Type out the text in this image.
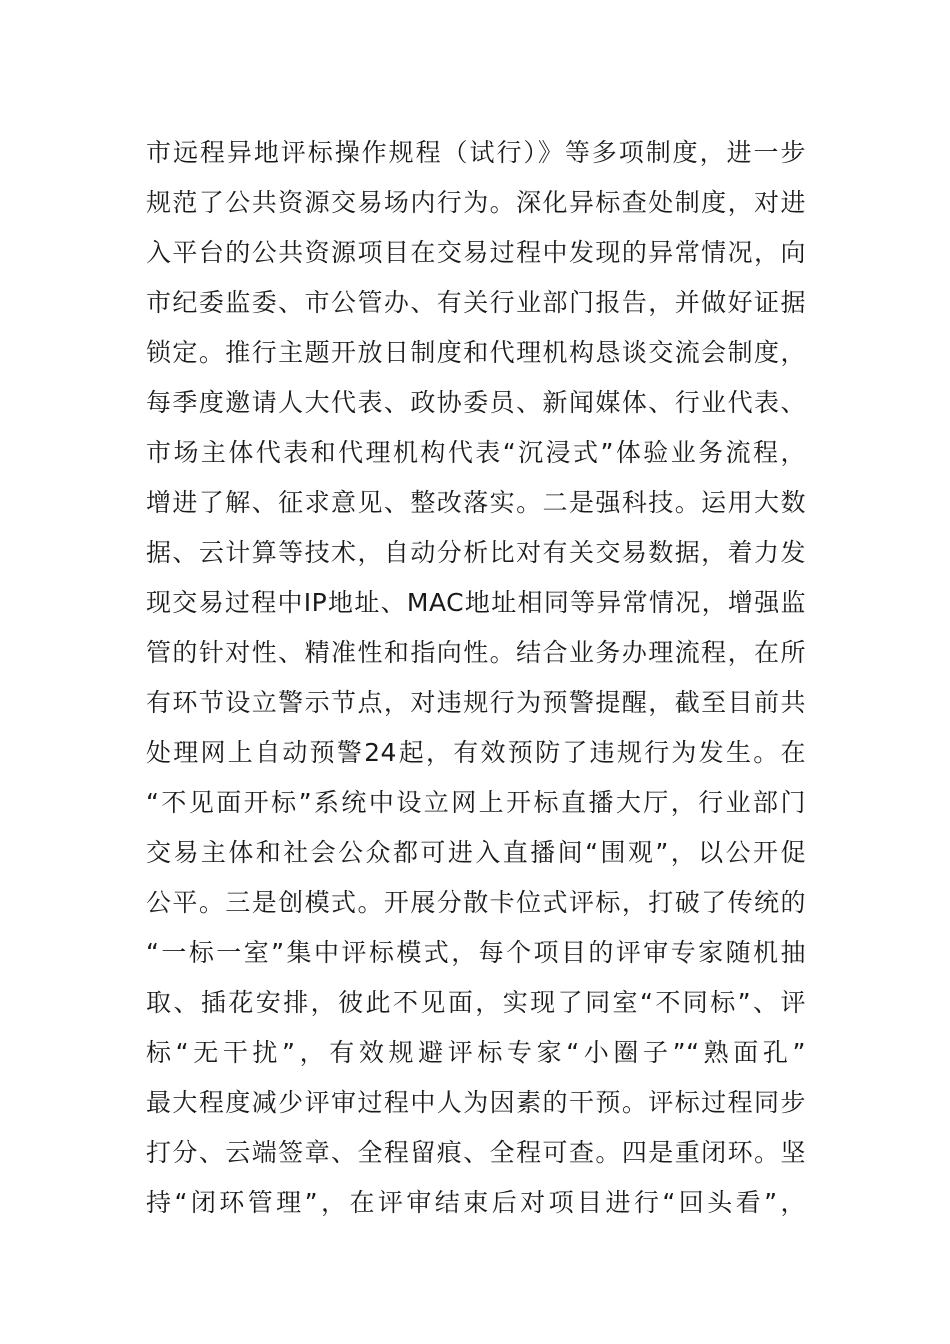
市远程异地评标操作规程（试行）》等多项制度，进一步
规范了公共资源交易场内行为。深化异标查处制度，对进
入平台的公共资源项目在交易过程中发现的异常情况，向
市纪委监委、市公管办、有关行业部门报告，并做好证据
锁定。推行主题开放日制度和代理机构恳谈交流会制度，
每季度邀请人大代表、政协委员、新闻媒体、行业代表、
市场主体代表和代理机构代表“沉浸式”体验业务流程，
增进了解、征求意见、整改落实。二是强科技。运用大数
据、云计算等技术，自动分析比对有关交易数据，着力发
现交易过程中IP地址、MAC地址相同等异常情况，增强监
管的针对性、精准性和指向性。结合业务办理流程，在所
有环节设立警示节点，对违规行为预警提醒，截至目前共
处理网上自动预警24起，有效预防了违规行为发生。在
“不见面开标”系统中设立网上开标直播大厅，行业部门
交易主体和社会公众都可进入直播间“围观”，以公开促
公平。三是创模式。开展分散卡位式评标，打破了传统的
“一标一室”集中评标模式，每个项目的评审专家随机抽
取、插花安排，彼此不见面，实现了同室“不同标”、评
标“无干扰”，有效规避评标专家“小圈子”“熟面孔”
最大程度减少评审过程中人为因素的干预。评标过程同步
打分、云端签章、全程留痕、全程可查。四是重闭环。坚
持“闭环管理”，在评审结束后对项目进行“回头看”，
